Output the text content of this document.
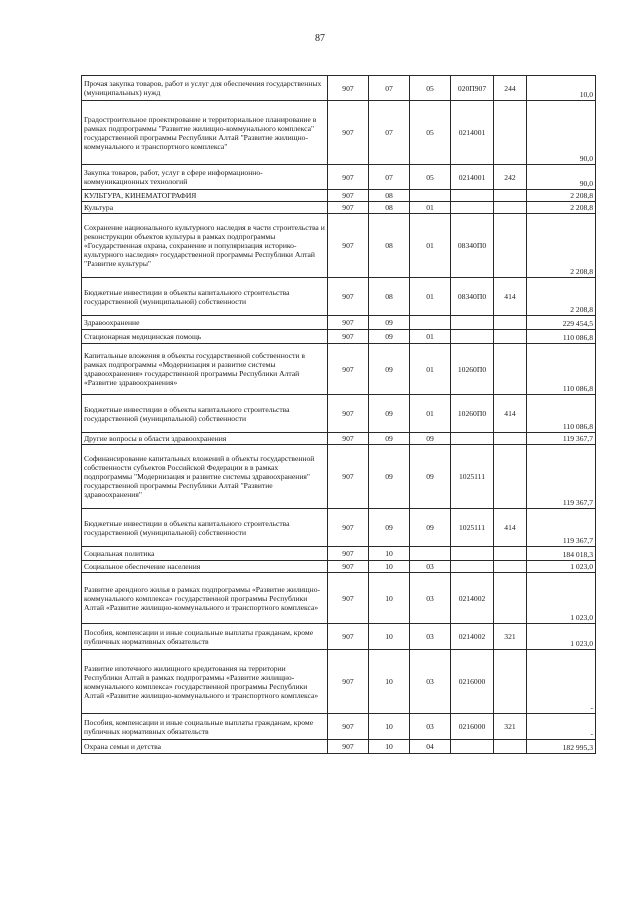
87
Прочая закупка товаров, работ и услуг для обеспечения государственных (муниципальных) нужд	907	07	05	020П907	244	10,0
Градостроительное проектирование и территориальное планирование в рамках подпрограммы "Развитие жилищно-коммунального комплекса" государственной программы Республики Алтай "Развитие жилищно-коммунального и транспортного комплекса"	907	07	05	0214001		90,0
Закупка товаров, работ, услуг в сфере информационно-коммуникационных технологий	907	07	05	0214001	242	90,0
КУЛЬТУРА, КИНЕМАТОГРАФИЯ	907	08				2 208,8
Культура	907	08	01			2 208,8
Сохранение национального культурного наследия в части строительства и реконструкции объектов культуры в рамках подпрограммы «Государственная охрана, сохранение и популяризация историко-культурного наследия» государственной программы Республики Алтай "Развитие культуры"	907	08	01	08340П0		2 208,8
Бюджетные инвестиции в объекты капитального строительства государственной (муниципальной) собственности	907	08	01	08340П0	414	2 208,8
Здравоохранение	907	09				229 454,5
Стационарная медицинская помощь	907	09	01			110 086,8
Капитальные вложения в объекты государственной собственности в рамках подпрограммы «Модернизация и развитие системы здравоохранения» государственной программы Республики Алтай «Развитие здравоохранения»	907	09	01	10260П0		110 086,8
Бюджетные инвестиции в объекты капитального строительства государственной (муниципальной) собственности	907	09	01	10260П0	414	110 086,8
Другие вопросы в области здравоохранения	907	09	09			119 367,7
Софинансирование капитальных вложений в объекты государственной собственности субъектов Российской Федерации в в рамках подпрограммы "Модернизация и развитие системы здравоохранения" государственной программы Республики Алтай "Развитие здравоохранения"	907	09	09	1025111		119 367,7
Бюджетные инвестиции в объекты капитального строительства государственной (муниципальной) собственности	907	09	09	1025111	414	119 367,7
Социальная политика	907	10				184 018,3
Социальное обеспечение населения	907	10	03			1 023,0
Развитие арендного жилья в рамках подпрограммы «Развитие жилищно-коммунального комплекса» государственной программы Республики Алтай «Развитие жилищно-коммунального и транспортного комплекса»	907	10	03	0214002		1 023,0
Пособия, компенсации и иные социальные выплаты гражданам, кроме публичных нормативных обязательств	907	10	03	0214002	321	1 023,0
Развитие ипотечного жилищного кредитования на территории Республики Алтай в рамках подпрограммы «Развитие жилищно-коммунального комплекса» государственной программы Республики Алтай «Развитие жилищно-коммунального и транспортного комплекса»	907	10	03	0216000		-
Пособия, компенсации и иные социальные выплаты гражданам, кроме публичных нормативных обязательств	907	10	03	0216000	321	-
Охрана семьи и детства	907	10	04			182 995,3
